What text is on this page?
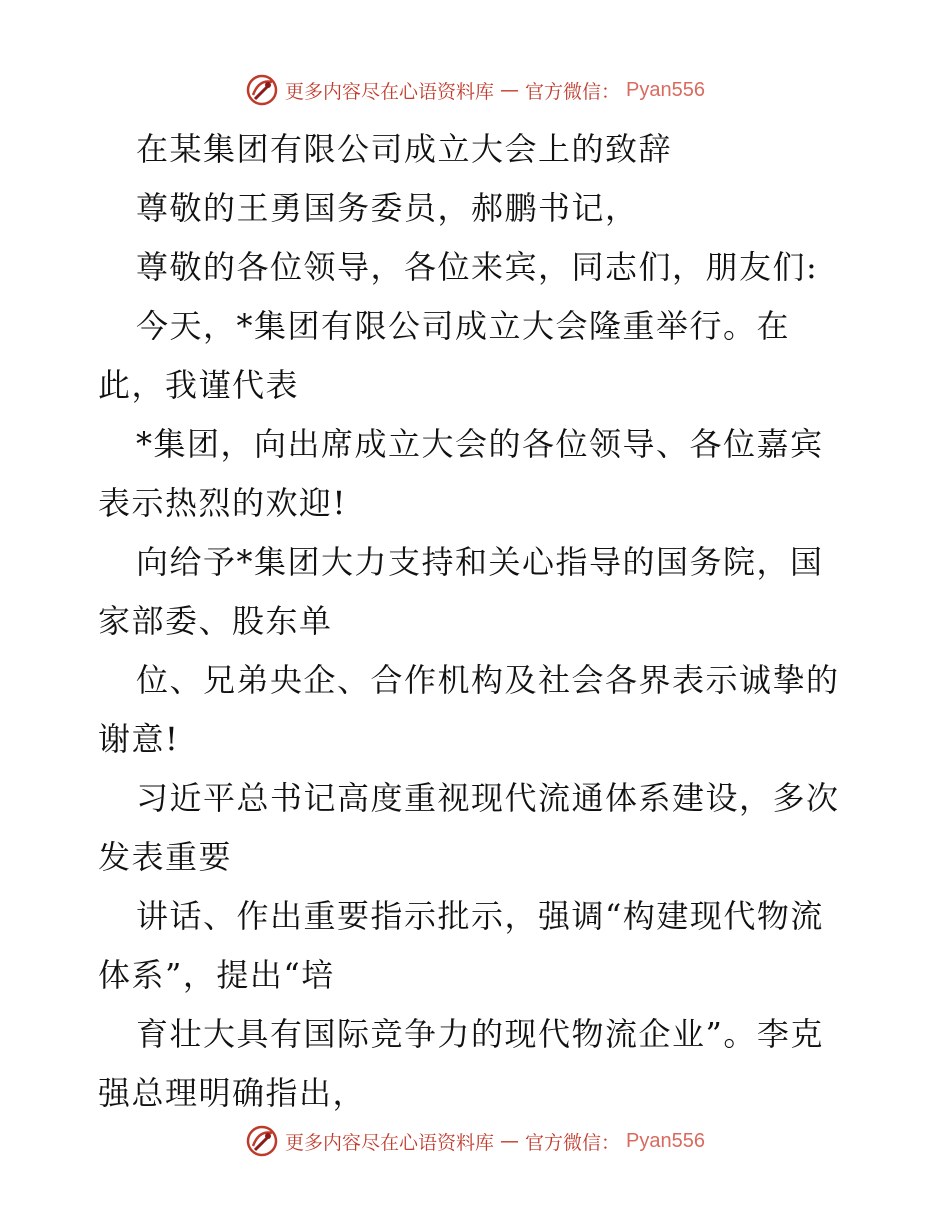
更多内容尽在心语资料库 — 官方微信： Pyan556
在某集团有限公司成立大会上的致辞
尊敬的王勇国务委员，郝鹏书记，
尊敬的各位领导，各位来宾，同志们，朋友们:
今天，*集团有限公司成立大会隆重举行。在
此，我谨代表
*集团，向出席成立大会的各位领导、各位嘉宾
表示热烈的欢迎!
向给予*集团大力支持和关心指导的国务院，国
家部委、股东单
位、兄弟央企、合作机构及社会各界表示诚挚的
谢意!
习近平总书记高度重视现代流通体系建设，多次
发表重要
讲话、作出重要指示批示，强调“构建现代物流
体系”，提出“培
育壮大具有国际竞争力的现代物流企业”。李克
强总理明确指出，
更多内容尽在心语资料库 — 官方微信： Pyan556
